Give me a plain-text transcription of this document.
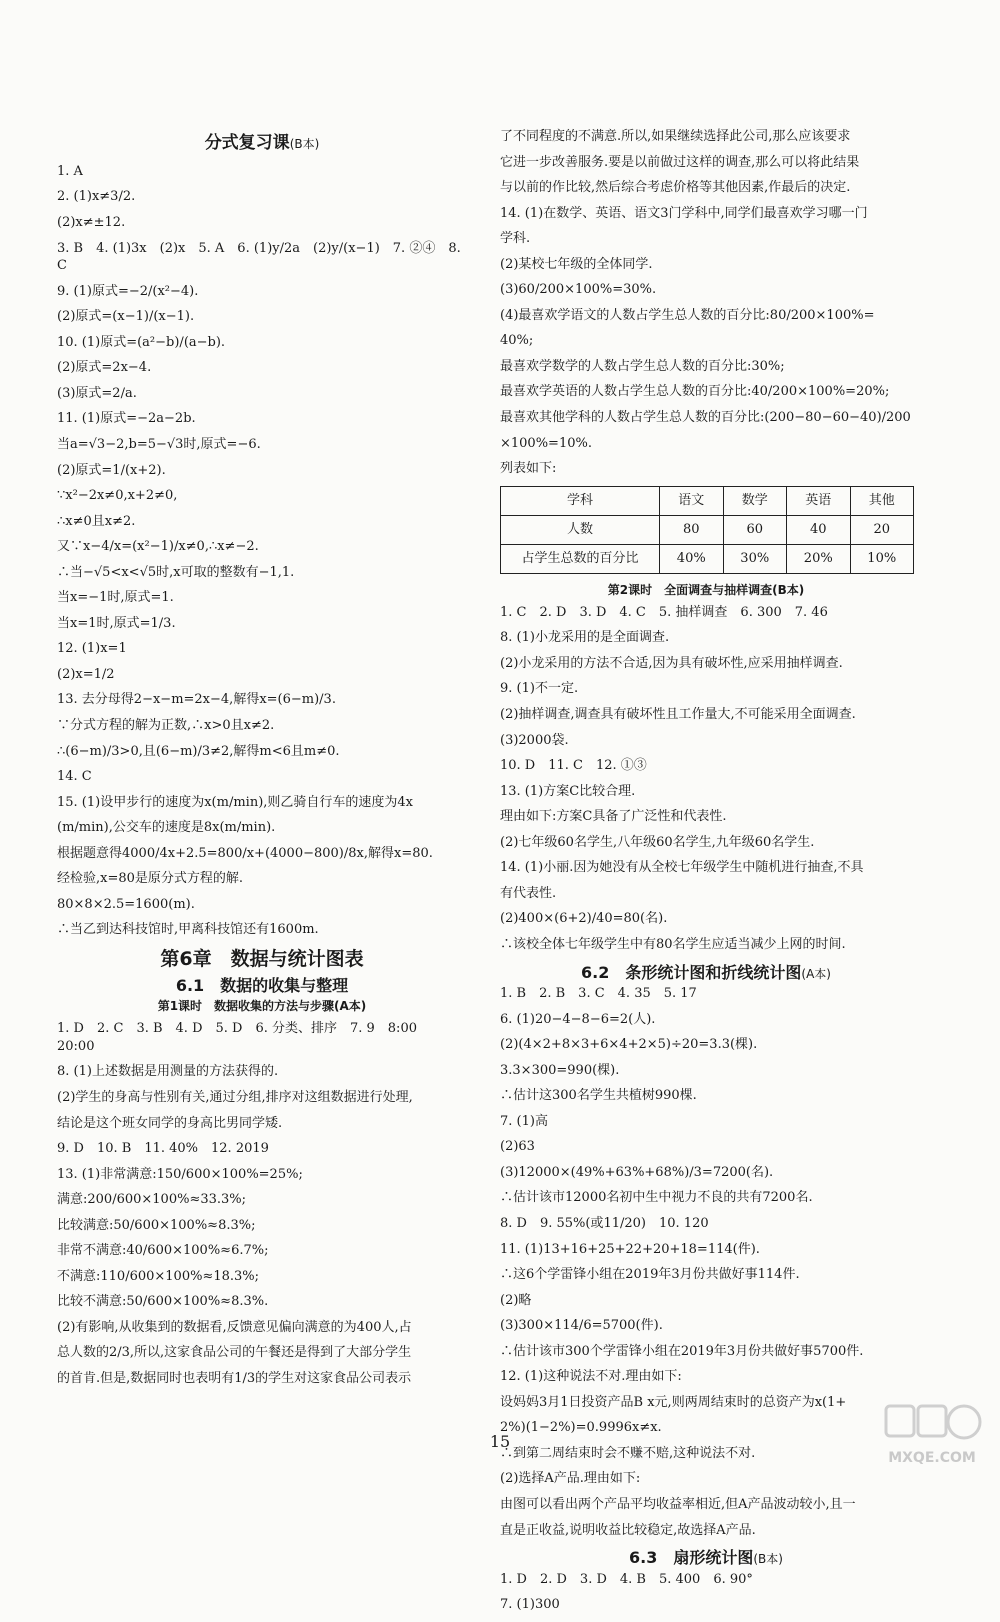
分式复习课(B本)
1. A
2. (1)x≠3/2.
(2)x≠±12.
3. B　4. (1)3x　(2)x　5. A　6. (1)y/2a　(2)y/(x−1)　7. ②④　8. C
9. (1)原式=−2/(x²−4).
(2)原式=(x−1)/(x−1).
10. (1)原式=(a²−b)/(a−b).
(2)原式=2x−4.
(3)原式=2/a.
11. (1)原式=−2a−2b.
当a=√3−2,b=5−√3时,原式=−6.
(2)原式=1/(x+2).
∵x²−2x≠0,x+2≠0,
∴x≠0且x≠2.
又∵x−4/x=(x²−1)/x≠0,∴x≠−2.
∴当−√5<x<√5时,x可取的整数有−1,1.
当x=−1时,原式=1.
当x=1时,原式=1/3.
12. (1)x=1
(2)x=1/2
13. 去分母得2−x−m=2x−4,解得x=(6−m)/3.
∵分式方程的解为正数,∴x>0且x≠2.
∴(6−m)/3>0,且(6−m)/3≠2,解得m<6且m≠0.
14. C
15. (1)设甲步行的速度为x(m/min),则乙骑自行车的速度为4x
(m/min),公交车的速度是8x(m/min).
根据题意得4000/4x+2.5=800/x+(4000−800)/8x,解得x=80.
经检验,x=80是原分式方程的解.
80×8×2.5=1600(m).
∴当乙到达科技馆时,甲离科技馆还有1600m.
第6章　数据与统计图表
6.1　数据的收集与整理
第1课时　数据收集的方法与步骤(A本)
1. D　2. C　3. B　4. D　5. D　6. 分类、排序　7. 9　8:00　20:00
8. (1)上述数据是用测量的方法获得的.
(2)学生的身高与性别有关,通过分组,排序对这组数据进行处理,
结论是这个班女同学的身高比男同学矮.
9. D　10. B　11. 40%　12. 2019
13. (1)非常满意:150/600×100%=25%;
满意:200/600×100%≈33.3%;
比较满意:50/600×100%≈8.3%;
非常不满意:40/600×100%≈6.7%;
不满意:110/600×100%≈18.3%;
比较不满意:50/600×100%≈8.3%.
(2)有影响,从收集到的数据看,反馈意见偏向满意的为400人,占
总人数的2/3,所以,这家食品公司的午餐还是得到了大部分学生
的首肯.但是,数据同时也表明有1/3的学生对这家食品公司表示
了不同程度的不满意.所以,如果继续选择此公司,那么应该要求
它进一步改善服务.要是以前做过这样的调查,那么可以将此结果
与以前的作比较,然后综合考虑价格等其他因素,作最后的决定.
14. (1)在数学、英语、语文3门学科中,同学们最喜欢学习哪一门
学科.
(2)某校七年级的全体同学.
(3)60/200×100%=30%.
(4)最喜欢学语文的人数占学生总人数的百分比:80/200×100%=
40%;
最喜欢学数学的人数占学生总人数的百分比:30%;
最喜欢学英语的人数占学生总人数的百分比:40/200×100%=20%;
最喜欢其他学科的人数占学生总人数的百分比:(200−80−60−40)/200
×100%=10%.
列表如下:
学科	语文	数学	英语	其他
人数	80	60	40	20
占学生总数的百分比	40%	30%	20%	10%
第2课时　全面调查与抽样调查(B本)
1. C　2. D　3. D　4. C　5. 抽样调查　6. 300　7. 46
8. (1)小龙采用的是全面调查.
(2)小龙采用的方法不合适,因为具有破坏性,应采用抽样调查.
9. (1)不一定.
(2)抽样调查,调查具有破坏性且工作量大,不可能采用全面调查.
(3)2000袋.
10. D　11. C　12. ①③
13. (1)方案C比较合理.
理由如下:方案C具备了广泛性和代表性.
(2)七年级60名学生,八年级60名学生,九年级60名学生.
14. (1)小丽.因为她没有从全校七年级学生中随机进行抽查,不具
有代表性.
(2)400×(6+2)/40=80(名).
∴该校全体七年级学生中有80名学生应适当减少上网的时间.
6.2　条形统计图和折线统计图(A本)
1. B　2. B　3. C　4. 35　5. 17
6. (1)20−4−8−6=2(人).
(2)(4×2+8×3+6×4+2×5)÷20=3.3(棵).
3.3×300=990(棵).
∴估计这300名学生共植树990棵.
7. (1)高
(2)63
(3)12000×(49%+63%+68%)/3=7200(名).
∴估计该市12000名初中生中视力不良的共有7200名.
8. D　9. 55%(或11/20)　10. 120
11. (1)13+16+25+22+20+18=114(件).
∴这6个学雷锋小组在2019年3月份共做好事114件.
(2)略
(3)300×114/6=5700(件).
∴估计该市300个学雷锋小组在2019年3月份共做好事5700件.
12. (1)这种说法不对.理由如下:
设妈妈3月1日投资产品B x元,则两周结束时的总资产为x(1+
2%)(1−2%)=0.9996x≠x.
∴到第二周结束时会不赚不赔,这种说法不对.
(2)选择A产品.理由如下:
由图可以看出两个产品平均收益率相近,但A产品波动较小,且一
直是正收益,说明收益比较稳定,故选择A产品.
6.3　扇形统计图(B本)
1. D　2. D　3. D　4. B　5. 400　6. 90°
7. (1)300
15
MXQE.COM
